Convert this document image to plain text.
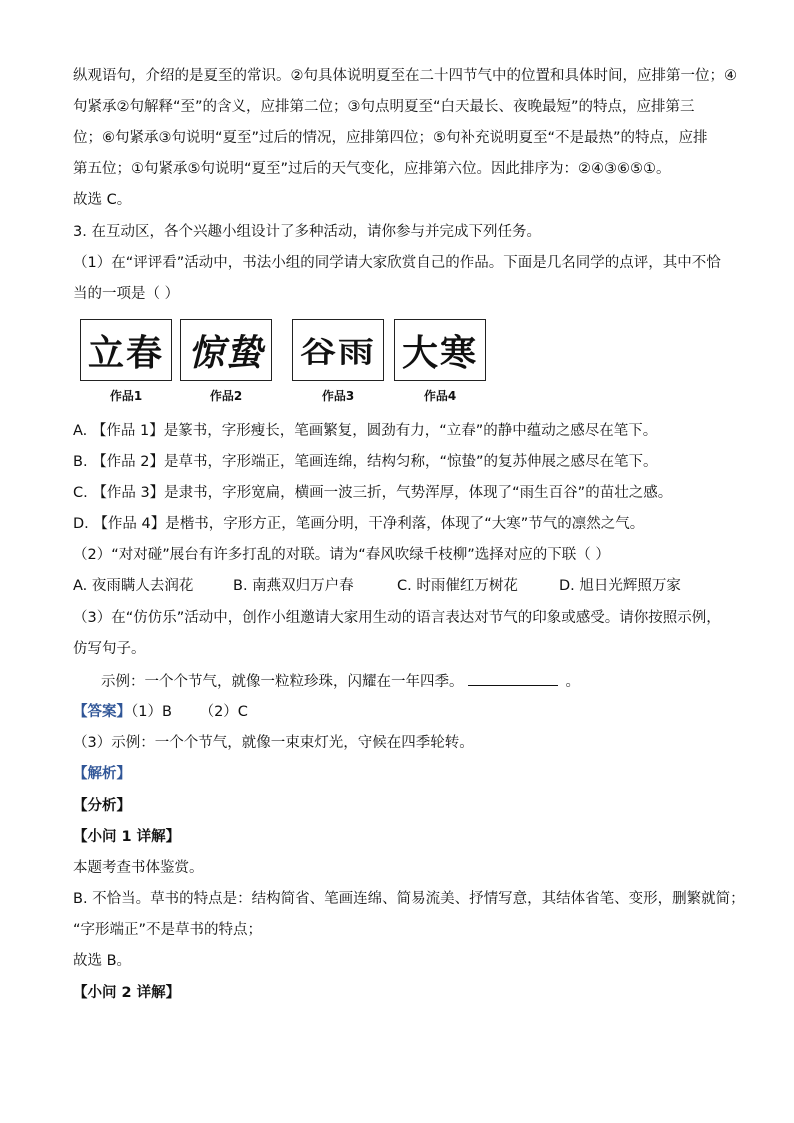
纵观语句，介绍的是夏至的常识。②句具体说明夏至在二十四节气中的位置和具体时间，应排第一位；④
句紧承②句解释“至”的含义，应排第二位；③句点明夏至“白天最长、夜晚最短”的特点，应排第三
位；⑥句紧承③句说明“夏至”过后的情况，应排第四位；⑤句补充说明夏至“不是最热”的特点，应排
第五位；①句紧承⑤句说明“夏至”过后的天气变化，应排第六位。因此排序为：②④③⑥⑤①。
故选 C。
3. 在互动区，各个兴趣小组设计了多种活动，请你参与并完成下列任务。
（1）在“评评看”活动中，书法小组的同学请大家欣赏自己的作品。下面是几名同学的点评，其中不恰
当的一项是（ ）
立春
作品1
惊蛰
作品2
谷雨
作品3
大寒
作品4
A. 【作品 1】是篆书，字形瘦长，笔画繁复，圆劲有力，“立春”的静中蕴动之感尽在笔下。
B. 【作品 2】是草书，字形端正，笔画连绵，结构匀称，“惊蛰”的复苏伸展之感尽在笔下。
C. 【作品 3】是隶书，字形宽扁，横画一波三折，气势浑厚，体现了“雨生百谷”的苗壮之感。
D. 【作品 4】是楷书，字形方正，笔画分明，干净利落，体现了“大寒”节气的凛然之气。
（2）“对对碰”展台有许多打乱的对联。请为“春风吹绿千枝柳”选择对应的下联（ ）
A. 夜雨瞒人去润花	B. 南燕双归万户春	C. 时雨催红万树花	D. 旭日光辉照万家
（3）在“仿仿乐”活动中，创作小组邀请大家用生动的语言表达对节气的印象或感受。请你按照示例，
仿写句子。
示例：一个个节气，就像一粒粒珍珠，闪耀在一年四季。	。
【答案】（1）B      （2）C
（3）示例：一个个节气，就像一束束灯光，守候在四季轮转。
【解析】
【分析】
【小问 1 详解】
本题考查书体鉴赏。
B. 不恰当。草书的特点是：结构简省、笔画连绵、简易流美、抒情写意，其结体省笔、变形，删繁就简；
“字形端正”不是草书的特点；
故选 B。
【小问 2 详解】
